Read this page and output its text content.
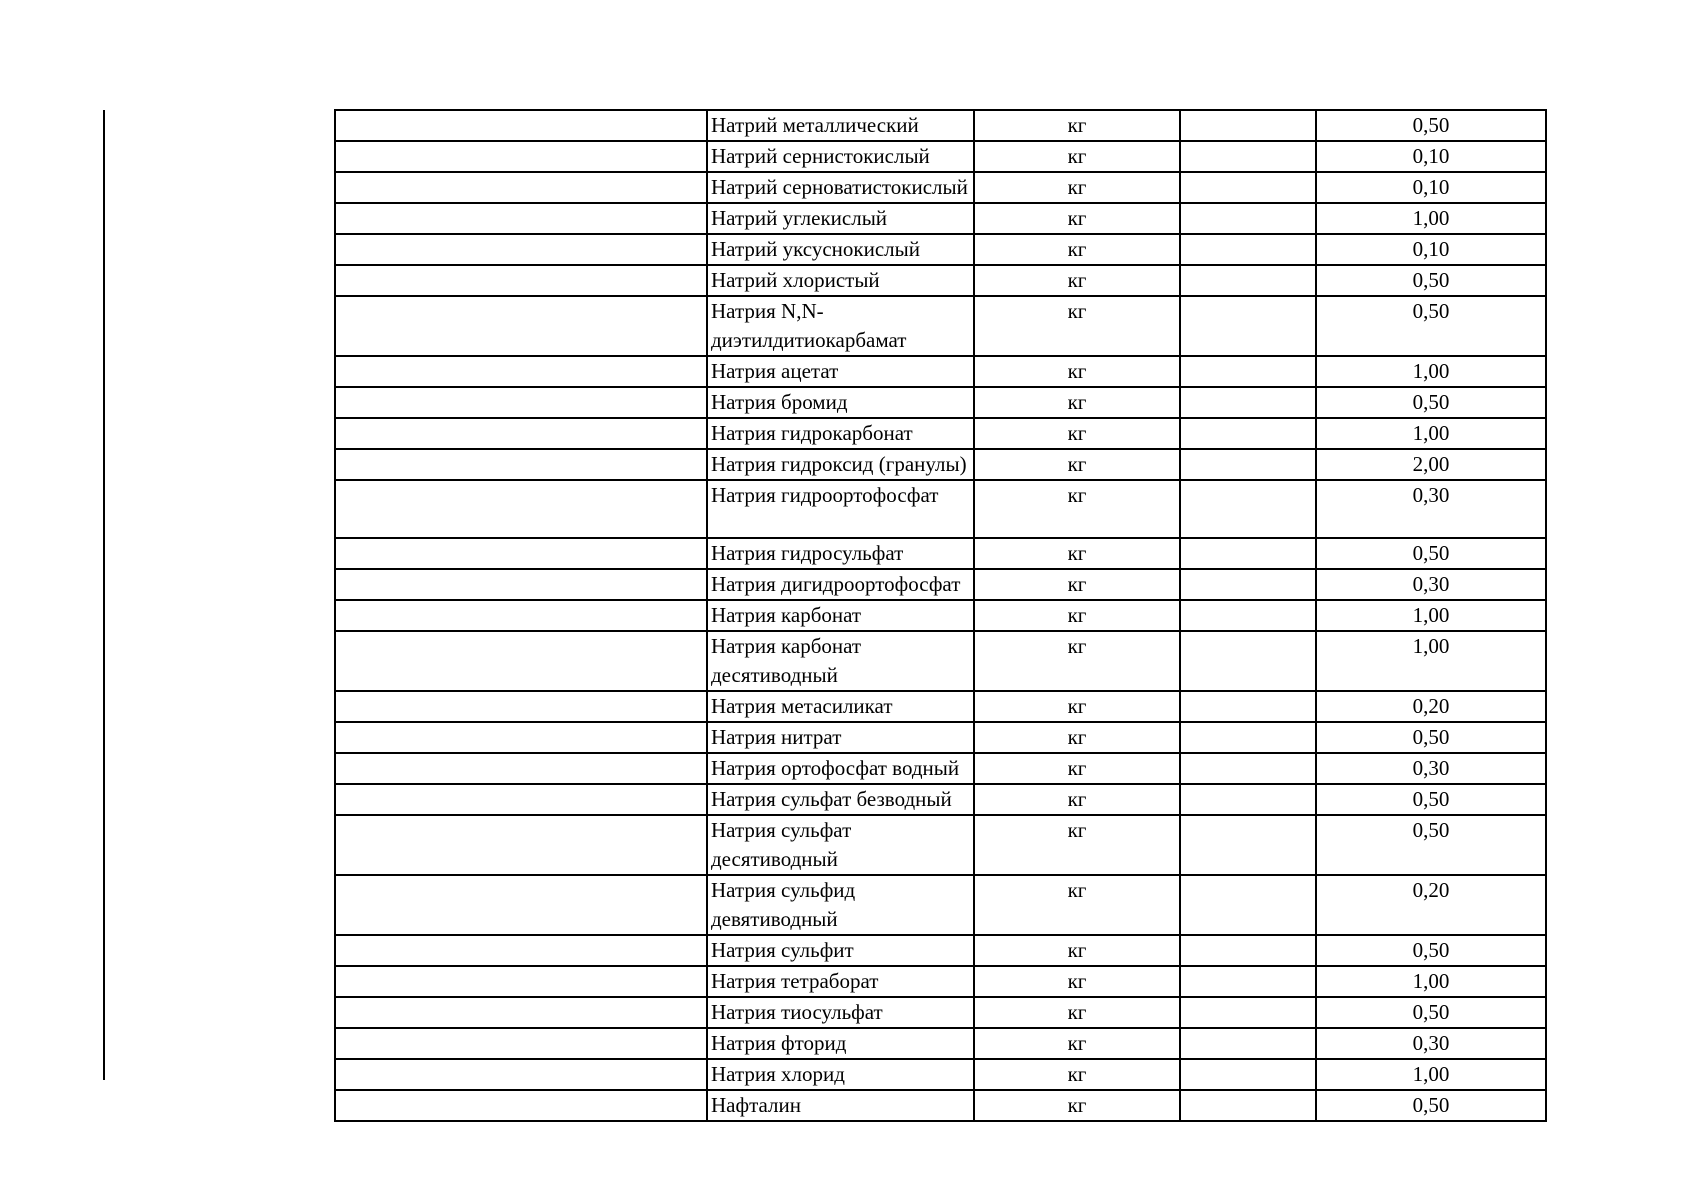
	Натрий металлический	кг		0,50
	Натрий сернистокислый	кг		0,10
	Натрий серноватистокислый	кг		0,10
	Натрий углекислый	кг		1,00
	Натрий уксуснокислый	кг		0,10
	Натрий хлористый	кг		0,50
	Натрия N,N-диэтилдитиокарбамат	кг		0,50
	Натрия ацетат	кг		1,00
	Натрия бромид	кг		0,50
	Натрия гидрокарбонат	кг		1,00
	Натрия гидроксид (гранулы)	кг		2,00
	Натрия гидроортофосфат	кг		0,30
	Натрия гидросульфат	кг		0,50
	Натрия дигидроортофосфат	кг		0,30
	Натрия карбонат	кг		1,00
	Натрия карбонат десятиводный	кг		1,00
	Натрия метасиликат	кг		0,20
	Натрия нитрат	кг		0,50
	Натрия ортофосфат водный	кг		0,30
	Натрия сульфат безводный	кг		0,50
	Натрия сульфат десятиводный	кг		0,50
	Натрия сульфид девятиводный	кг		0,20
	Натрия сульфит	кг		0,50
	Натрия тетраборат	кг		1,00
	Натрия тиосульфат	кг		0,50
	Натрия фторид	кг		0,30
	Натрия хлорид	кг		1,00
	Нафталин	кг		0,50
